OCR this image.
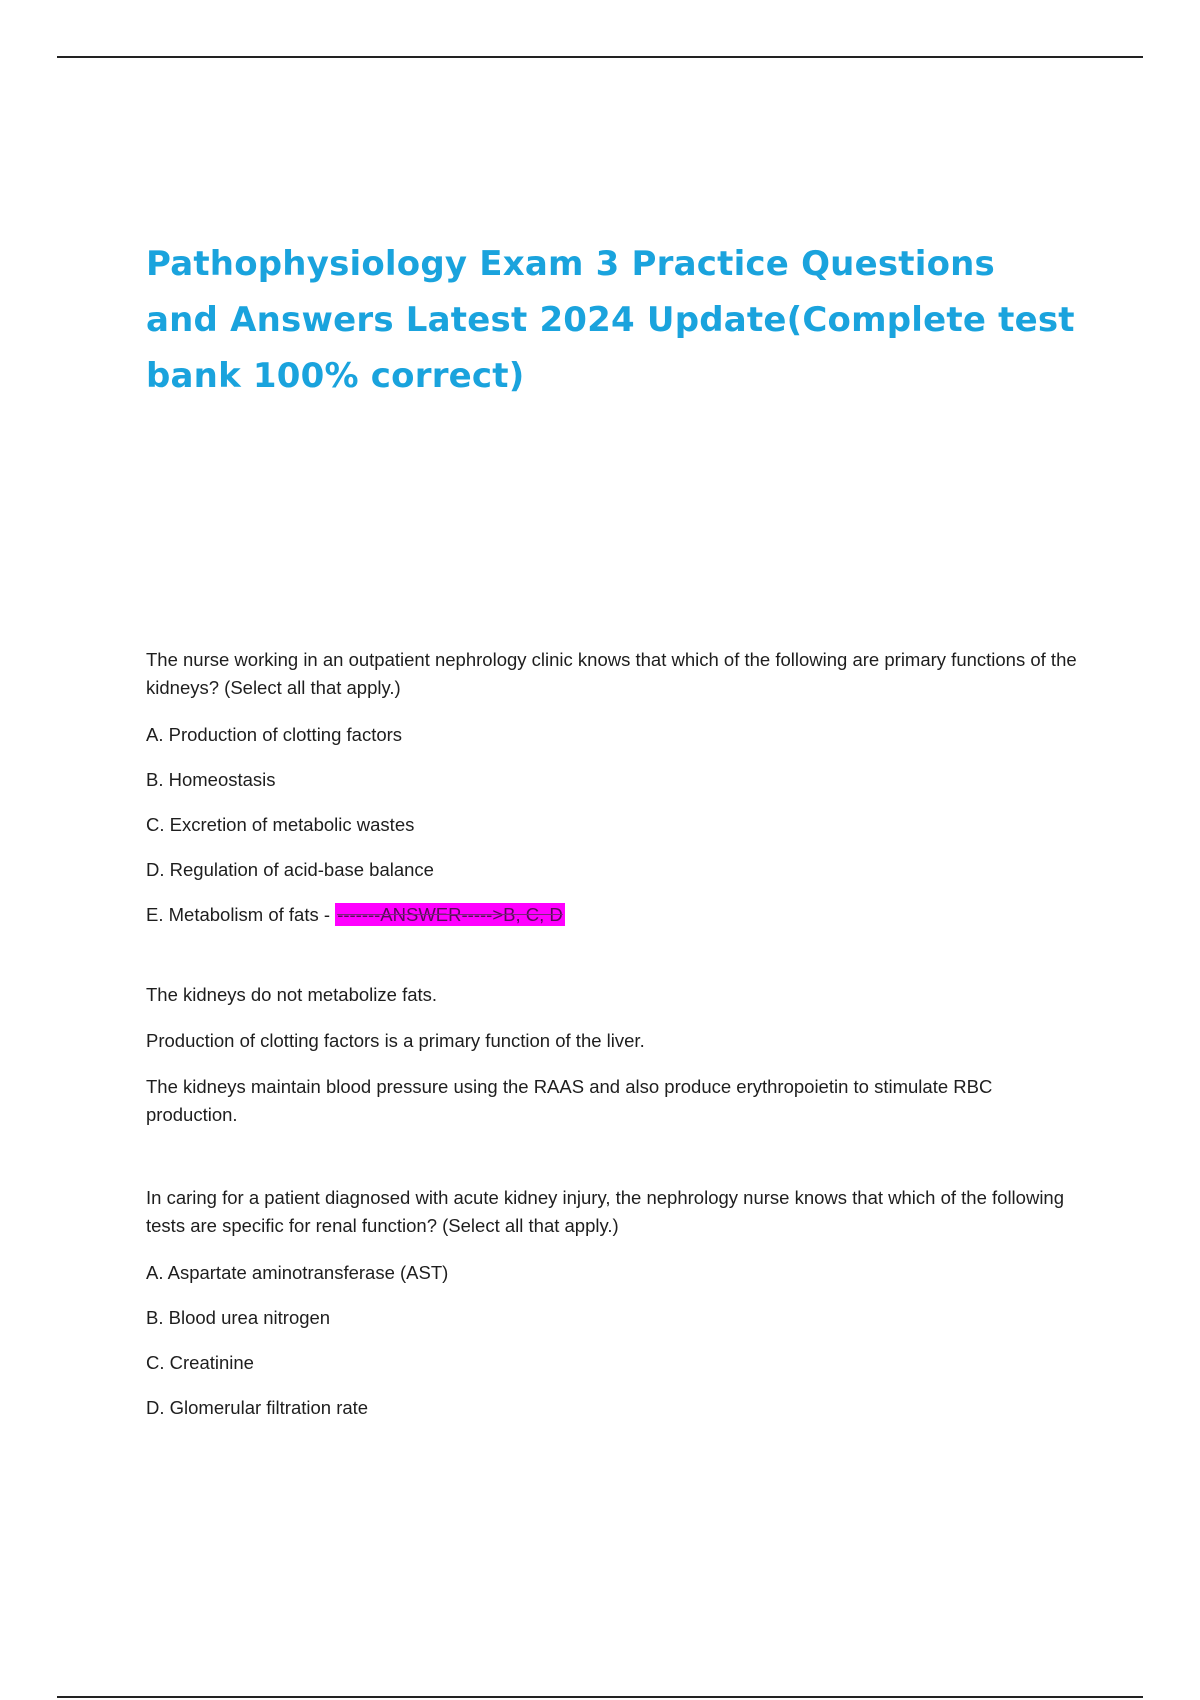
Pathophysiology Exam 3 Practice Questions and Answers Latest 2024 Update(Complete test bank 100% correct)

The nurse working in an outpatient nephrology clinic knows that which of the following are primary functions of the kidneys? (Select all that apply.)

A. Production of clotting factors

B. Homeostasis

C. Excretion of metabolic wastes

D. Regulation of acid-base balance

E. Metabolism of fats - -------ANSWER----->B, C, D

The kidneys do not metabolize fats.

Production of clotting factors is a primary function of the liver.

The kidneys maintain blood pressure using the RAAS and also produce erythropoietin to stimulate RBC production.

In caring for a patient diagnosed with acute kidney injury, the nephrology nurse knows that which of the following tests are specific for renal function? (Select all that apply.)

A. Aspartate aminotransferase (AST)

B. Blood urea nitrogen

C. Creatinine

D. Glomerular filtration rate
